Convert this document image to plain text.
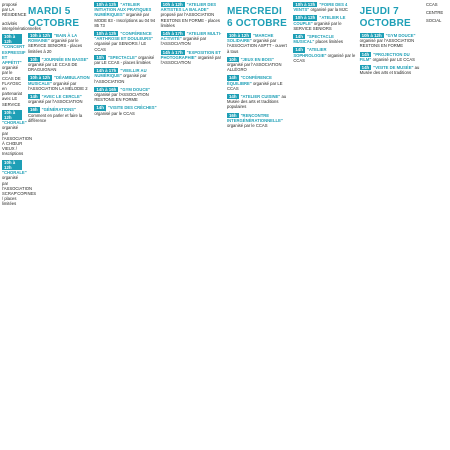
proposé par LA RÉSIDENCE
activités intergénérationnelles
10h à 12h"CONCERT EXPRESSIF ET APPÉTIT" organisé par le CCAS DE FLAYOSC en partenariat avec LE SERVICE
10h à 12h"CHORALE" organisé par l'ASSOCIATION À CHŒUR VIEUX / Inscriptions
10h à 12h"CHORALE" organisé par l'ASSOCIATION SCRAP'COPINES / places limitées
MARDI 5 OCTOBRE
10h à 12h "BAIN À LA ROMAINE" organisé par le SERVICE SENIORS - places limitées à 20
10h "JOURNÉE EN BASSE" organisé par LE CCAS DE DRAGUIGNAN
10h à 12h "DÉAMBULATION MUSICALE" organisé par l'ASSOCIATION LA MÉLODIE 2
14h "AVEC LE CERCLE" organisé par l'ASSOCIATION
16h "GÉNÉRATIONS" Comment en parler et faire la différence
10h à 12h "ATELIER INITIATION AUX PRATIQUES NUMÉRIQUES" organisé par MODE 83 - Inscriptions au 04 94 85 73
10h à 12h "CONFÉRENCE "ARTHROSE ET DOULEURS" organisé par SENIORS / LE CCAS
10h "SPECTACLE" organisé par LE CCAS - places limitées
14h à 17h "VIEILLIR AU NUMÉRIQUE" organisé par l'ASSOCIATION
14h à 16h "GYM DOUCE" organisé par l'ASSOCIATION RESTONS EN FORME
14h "VISITE DES CRÈCHES" organisé par le CCAS
10h à 12h "ATELIER DES ARTISTES LA BALADE" proposé par l'ASSOCIATION RESTONS EN FORME - places limitées
14h à 17h "ATELIER MULTI-ACTIVITÉ" organisé par l'ASSOCIATION
14h à 17h "EXPOSITION ET PHOTOGRAPHIE" organisé par l'ASSOCIATION
MERCREDI 6 OCTOBRE
10h à 12h "MARCHE SOLIDAIRE" organisé par l'ASSOCIATION ASPTT - ouvert à tous
10h "JEUX EN BOIS" organisé par l'ASSOCIATION ALLÉGRO
14h "CONFÉRENCE ÉQUILIBRE" organisé par LE CCAS
14h "ATELIER CUISINE" au Musée des arts et traditions populaires
16h "RENCONTRE INTERGÉNÉRATIONNELLE" organisé par le CCAS
10h à 12h "FOIRE DES 4 VENTS" organisé par la MJC
10h à 12h "ATELIER LE COUPLE" organisé par le SERVICE SENIORS
14h "SPECTACLE MUSICAL" places limitées
14h "ATELIER SOPHROLOGIE" organisé par le CCAS
JEUDI 7 OCTOBRE
10h à 12h "GYM DOUCE" organisé par l'ASSOCIATION RESTONS EN FORME
14h "PROJECTION DU FILM" organisé par LE CCAS
14h "VISITE DE MUSÉE" au Musée des arts et traditions
CCAS
CENTRE
SOCIAL
